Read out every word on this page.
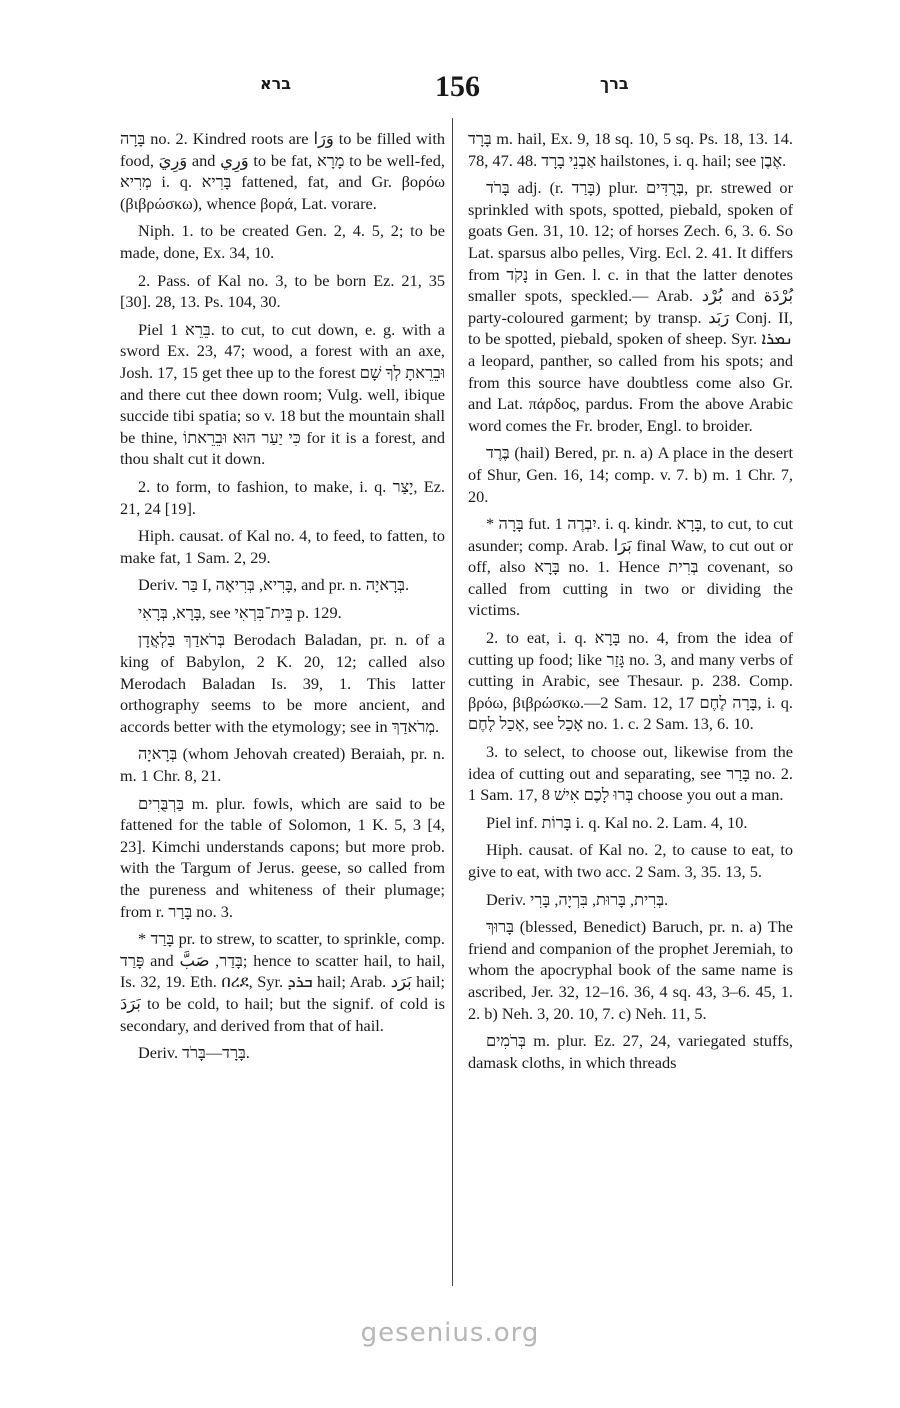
ברא	156	ברך

בָּרָה no. 2. Kindred roots are وَرَا to be filled with food, وَرِيَ and وَرِي to be fat, מָרָא to be well-fed, מְרִיא i. q. בָּרִיא fattened, fat, and Gr. βορόω (βιβρώσκω), whence βορά, Lat. vorare.

Niph. 1. to be created Gen. 2, 4. 5, 2; to be made, done, Ex. 34, 10.

2. Pass. of Kal no. 3, to be born Ez. 21, 35 [30]. 28, 13. Ps. 104, 30.

Piel בֵּרֵא 1. to cut, to cut down, e. g. with a sword Ex. 23, 47; wood, a forest with an axe, Josh. 17, 15 get thee up to the forest וּבֵרֵאתָ לְךָ שָׁם and there cut thee down room; Vulg. well, ibique succide tibi spatia; so v. 18 but the mountain shall be thine, כִּי יַעַר הוּא וּבֵרֵאתוֹ for it is a forest, and thou shalt cut it down.

2. to form, to fashion, to make, i. q. יָצַר, Ez. 21, 24 [19].

Hiph. causat. of Kal no. 4, to feed, to fatten, to make fat, 1 Sam. 2, 29.

Deriv. בַּר I, בָּרִיא, בְּרִיאָה, and pr. n. בְּרָאיָה.

בָּרָא, בְּרָאִי, see בֵּית־בִּרְאִי p. 129.

בְּרֹאדַךְ בַּלְאֲדָן Berodach Baladan, pr. n. of a king of Babylon, 2 K. 20, 12; called also Merodach Baladan Is. 39, 1. This latter orthography seems to be more ancient, and accords better with the etymology; see in מְרֹאדַךְ.

בְּרָאיָה (whom Jehovah created) Beraiah, pr. n. m. 1 Chr. 8, 21.

בַּרְבֻּרִים m. plur. fowls, which are said to be fattened for the table of Solomon, 1 K. 5, 3 [4, 23]. Kimchi understands capons; but more prob. with the Targum of Jerus. geese, so called from the pureness and whiteness of their plumage; from r. בָּרַר no. 3.

* בָּרַד pr. to strew, to scatter, to sprinkle, comp. פָּרַד and בָּדַר, صَبَّ; hence to scatter hail, to hail, Is. 32, 19. Eth. በረደ, Syr. ܒܪܕ hail; Arab. بَرَد hail; بَرَدَ to be cold, to hail; but the signif. of cold is secondary, and derived from that of hail.

Deriv. בָּרָד—בָּרֹד.

בָּרָד m. hail, Ex. 9, 18 sq. 10, 5 sq. Ps. 18, 13. 14. 78, 47. 48. אַבְנֵי בָרָד hailstones, i. q. hail; see אֶבֶן.

בָּרֹד adj. (r. בָּרַד) plur. בְּרֻדִּים, pr. strewed or sprinkled with spots, spotted, piebald, spoken of goats Gen. 31, 10. 12; of horses Zech. 6, 3. 6. So Lat. sparsus albo pelles, Virg. Ecl. 2. 41. It differs from נָקֹד in Gen. l. c. in that the latter denotes smaller spots, speckled.— Arab. بُرْد and بُرْدَة party-coloured garment; by transp. رَبَد Conj. II, to be spotted, piebald, spoken of sheep. Syr. ܢܡܪܐ a leopard, panther, so called from his spots; and from this source have doubtless come also Gr. and Lat. πάρδος, pardus. From the above Arabic word comes the Fr. broder, Engl. to broider.

בֶּרֶד (hail) Bered, pr. n. a) A place in the desert of Shur, Gen. 16, 14; comp. v. 7. b) m. 1 Chr. 7, 20.

* בָּרָה fut. יִבְרֶה 1. i. q. kindr. בָּרָא, to cut, to cut asunder; comp. Arab. بَرَا final Waw, to cut out or off, also בָּרָא no. 1. Hence בְּרִית covenant, so called from cutting in two or dividing the victims.

2. to eat, i. q. בָּרָא no. 4, from the idea of cutting up food; like גָּזַר no. 3, and many verbs of cutting in Arabic, see Thesaur. p. 238. Comp. βρόω, βιβρώσκω.—2 Sam. 12, 17 בָּרָה לֶחֶם, i. q. אָכַל לֶחֶם, see אָכַל no. 1. c. 2 Sam. 13, 6. 10.

3. to select, to choose out, likewise from the idea of cutting out and separating, see בָּרַר no. 2. 1 Sam. 17, 8 בְּרוּ לָכֶם אִישׁ choose you out a man.

Piel inf. בָּרוֹת i. q. Kal no. 2. Lam. 4, 10.

Hiph. causat. of Kal no. 2, to cause to eat, to give to eat, with two acc. 2 Sam. 3, 35. 13, 5.

Deriv. בְּרִית, בָּרוּת, בִּרְיָה, בָּרִי.

בָּרוּךְ (blessed, Benedict) Baruch, pr. n. a) The friend and companion of the prophet Jeremiah, to whom the apocryphal book of the same name is ascribed, Jer. 32, 12–16. 36, 4 sq. 43, 3–6. 45, 1. 2. b) Neh. 3, 20. 10, 7. c) Neh. 11, 5.

בְּרֹמִים m. plur. Ez. 27, 24, variegated stuffs, damask cloths, in which threads

gesenius.org
